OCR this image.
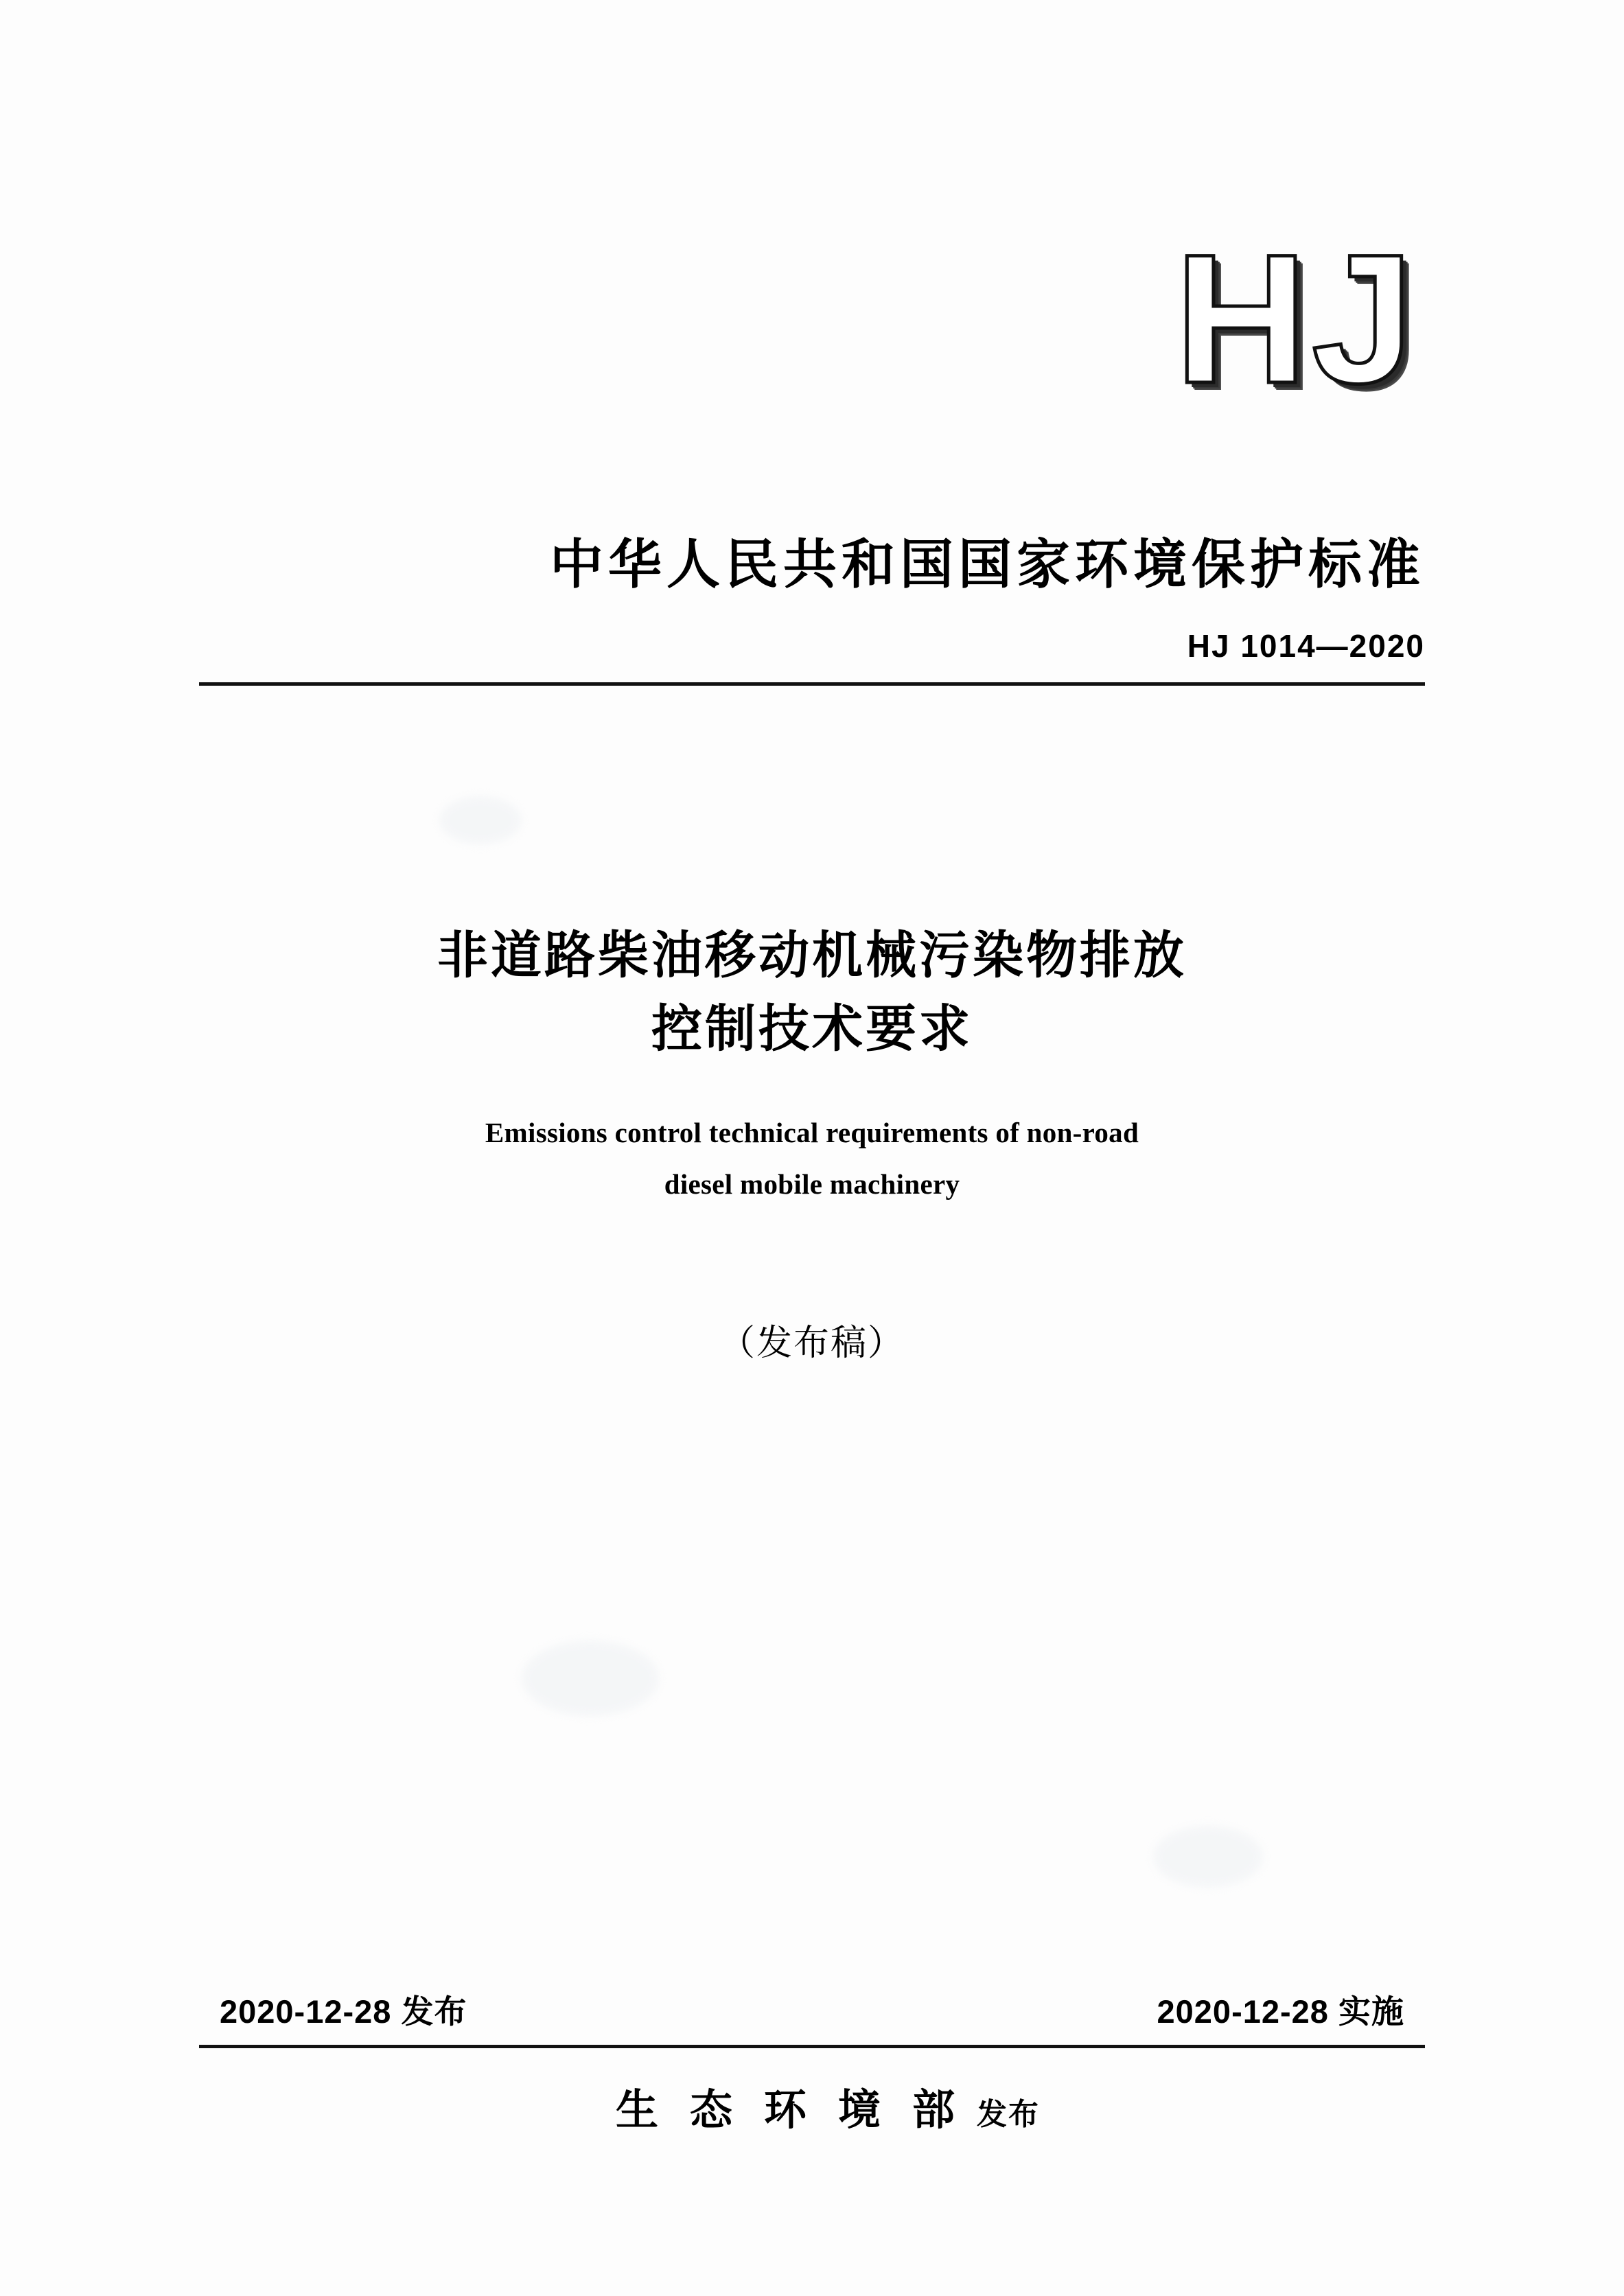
HJ
中华人民共和国国家环境保护标准
HJ 1014—2020
非道路柴油移动机械污染物排放
控制技术要求
Emissions control technical requirements of non-road
diesel mobile machinery
（发布稿）
2020-12-28 发布	2020-12-28 实施
生态环境部发布
